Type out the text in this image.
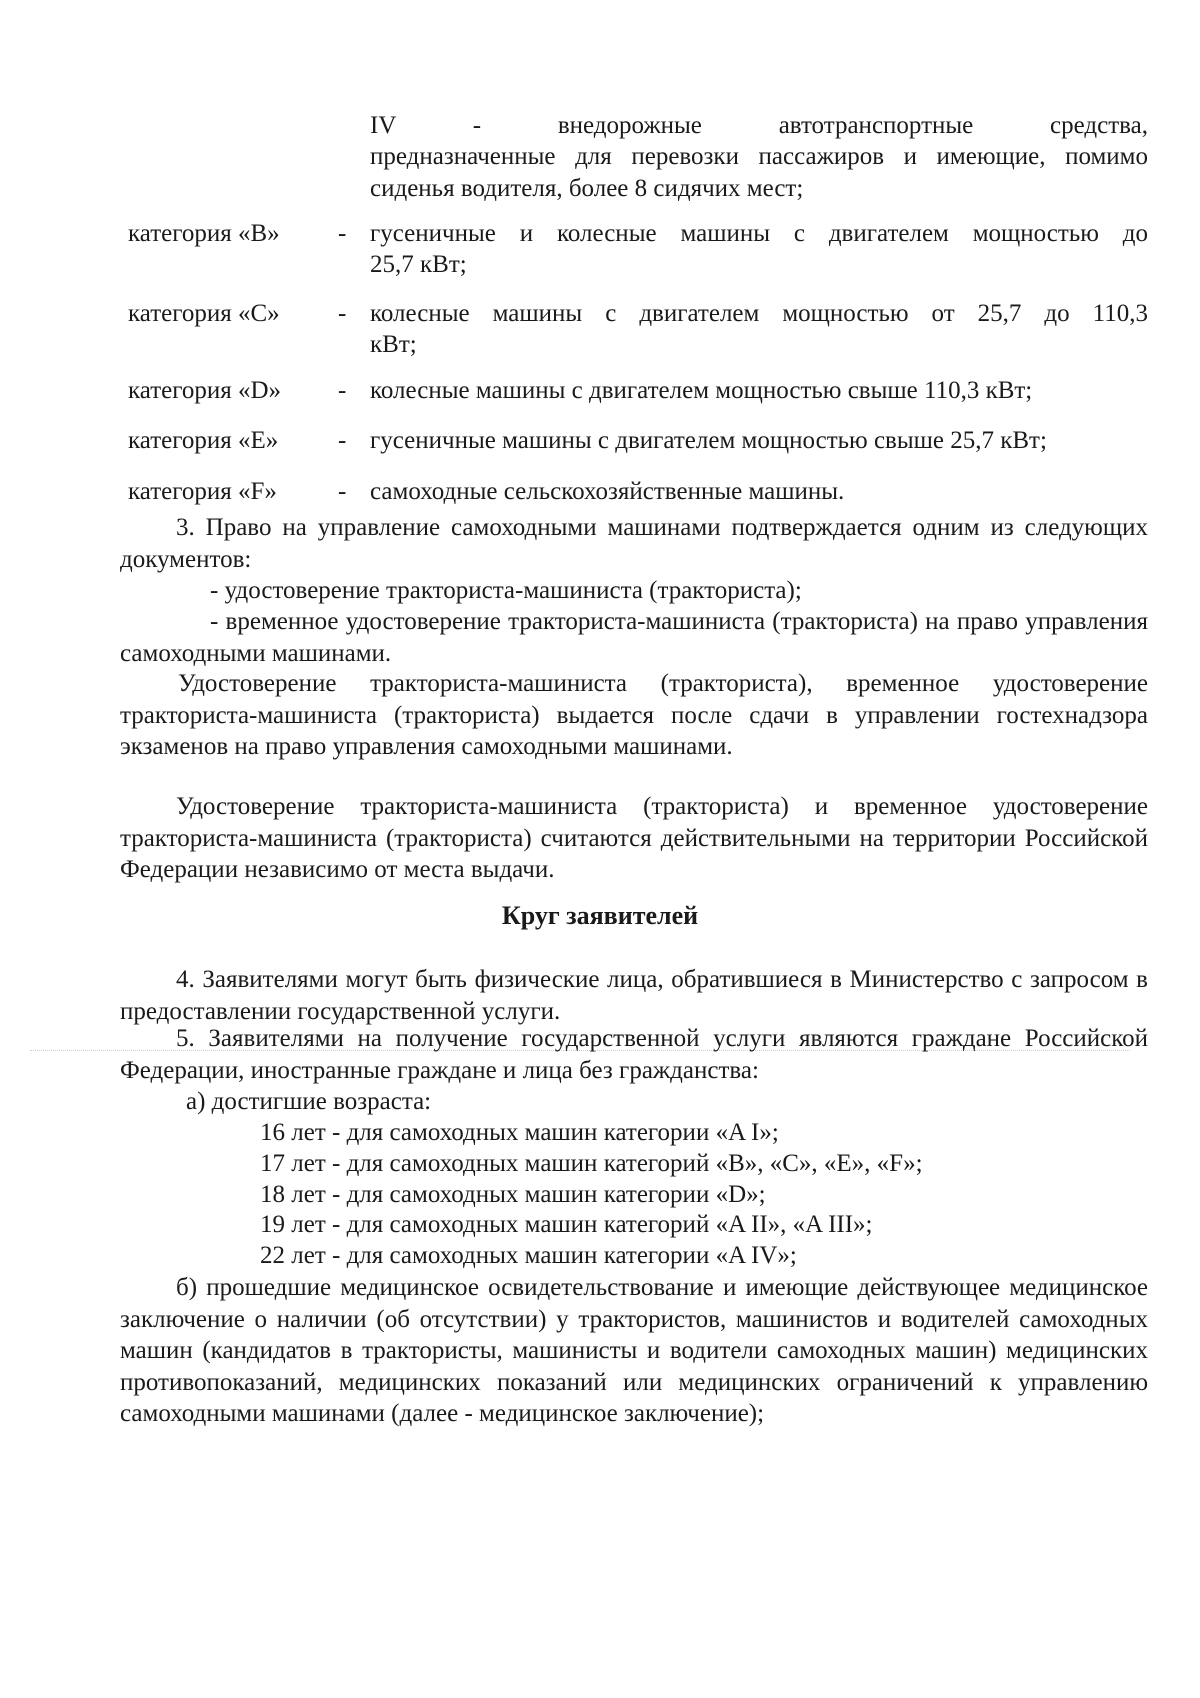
IV - внедорожные автотранспортные средства,
предназначенные для перевозки пассажиров и имеющие, помимо сиденья водителя, более 8 сидячих мест;
категория «B» - гусеничные и колесные машины с двигателем мощностью до
25,7 кВт;
категория «C» - колесные машины с двигателем мощностью от 25,7 до 110,3
кВт;
категория «D» - колесные машины с двигателем мощностью свыше 110,3 кВт;
категория «E» - гусеничные машины с двигателем мощностью свыше 25,7 кВт;
категория «F» - самоходные сельскохозяйственные машины.
3. Право на управление самоходными машинами подтверждается одним из следующих документов:
- удостоверение тракториста-машиниста (тракториста);
- временное удостоверение тракториста-машиниста (тракториста) на право управления самоходными машинами.
Удостоверение тракториста-машиниста (тракториста), временное удостоверение тракториста-машиниста (тракториста) выдается после сдачи в управлении гостехнадзора экзаменов на право управления самоходными машинами.
Удостоверение тракториста-машиниста (тракториста) и временное удостоверение тракториста-машиниста (тракториста) считаются действительными на территории Российской Федерации независимо от места выдачи.
Круг заявителей
4. Заявителями могут быть физические лица, обратившиеся в Министерство с запросом в предоставлении государственной услуги.
5. Заявителями на получение государственной услуги являются граждане Российской Федерации, иностранные граждане и лица без гражданства:
а) достигшие возраста:
16 лет - для самоходных машин категории «A I»;
17 лет - для самоходных машин категорий «B», «C», «E», «F»;
18 лет - для самоходных машин категории «D»;
19 лет - для самоходных машин категорий «A II», «A III»;
22 лет - для самоходных машин категории «A IV»;
б) прошедшие медицинское освидетельствование и имеющие действующее медицинское заключение о наличии (об отсутствии) у трактористов, машинистов и водителей самоходных машин (кандидатов в трактористы, машинисты и водители самоходных машин) медицинских противопоказаний, медицинских показаний или медицинских ограничений к управлению самоходными машинами (далее - медицинское заключение);
